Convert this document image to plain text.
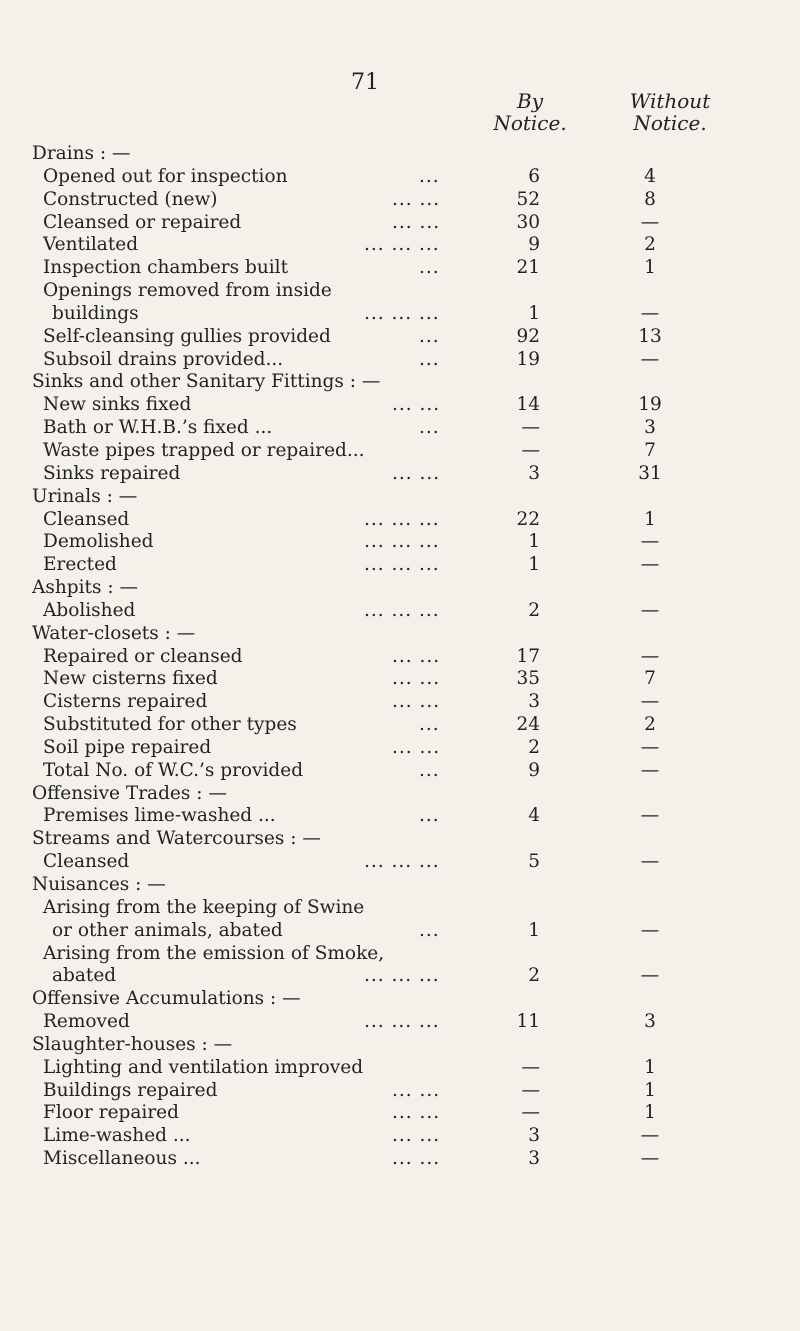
71
By
Notice.
Without
Notice.
Drains : —
Opened out for inspection	...	6	4
Constructed (new)	... ...	52	8
Cleansed or repaired	... ...	30	—
Ventilated	... ... ...	9	2
Inspection chambers built	...	21	1
Openings removed from inside
buildings	... ... ...	1	—
Self-cleansing gullies provided	...	92	13
Subsoil drains provided...	...	19	—
Sinks and other Sanitary Fittings : —
New sinks fixed	... ...	14	19
Bath or W.H.B.’s fixed ...	...	—	3
Waste pipes trapped or repaired...	—	7
Sinks repaired	... ...	3	31
Urinals : —
Cleansed	... ... ...	22	1
Demolished	... ... ...	1	—
Erected	... ... ...	1	—
Ashpits : —
Abolished	... ... ...	2	—
Water-closets : —
Repaired or cleansed	... ...	17	—
New cisterns fixed	... ...	35	7
Cisterns repaired	... ...	3	—
Substituted for other types	...	24	2
Soil pipe repaired	... ...	2	—
Total No. of W.C.’s provided	...	9	—
Offensive Trades : —
Premises lime-washed ...	...	4	—
Streams and Watercourses : —
Cleansed	... ... ...	5	—
Nuisances : —
Arising from the keeping of Swine
or other animals, abated	...	1	—
Arising from the emission of Smoke,
abated	... ... ...	2	—
Offensive Accumulations : —
Removed	... ... ...	11	3
Slaughter-houses : —
Lighting and ventilation improved	—	1
Buildings repaired	... ...	—	1
Floor repaired	... ...	—	1
Lime-washed ...	... ...	3	—
Miscellaneous ...	... ...	3	—
